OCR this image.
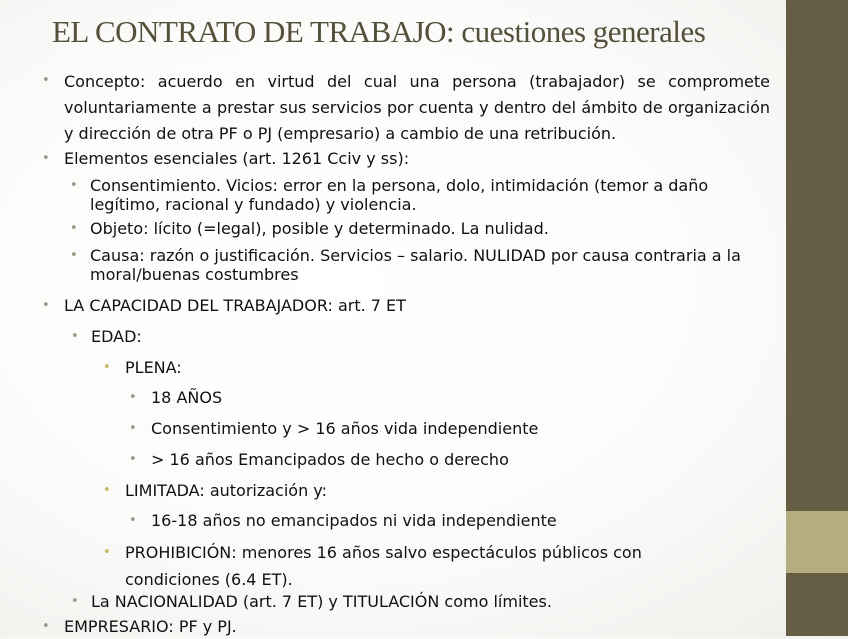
EL CONTRATO DE TRABAJO: cuestiones generales
• Concepto: acuerdo en virtud del cual una persona (trabajador) se compromete voluntariamente a prestar sus servicios por cuenta y dentro del ámbito de organización y dirección de otra PF o PJ (empresario) a cambio de una retribución.
• Elementos esenciales (art. 1261 Cciv y ss):
• Consentimiento. Vicios: error en la persona, dolo, intimidación (temor a daño legítimo, racional y fundado) y violencia.
• Objeto: lícito (=legal), posible y determinado. La nulidad.
• Causa: razón o justificación. Servicios – salario. NULIDAD por causa contraria a la moral/buenas costumbres
• LA CAPACIDAD DEL TRABAJADOR: art. 7 ET
• EDAD:
• PLENA:
• 18 AÑOS
• Consentimiento y > 16 años vida independiente
• > 16 años Emancipados de hecho o derecho
• LIMITADA: autorización y:
• 16-18 años no emancipados ni vida independiente
• PROHIBICIÓN: menores 16 años salvo espectáculos públicos con condiciones (6.4 ET).
• La NACIONALIDAD (art. 7 ET) y TITULACIÓN como límites.
• EMPRESARIO: PF y PJ.
